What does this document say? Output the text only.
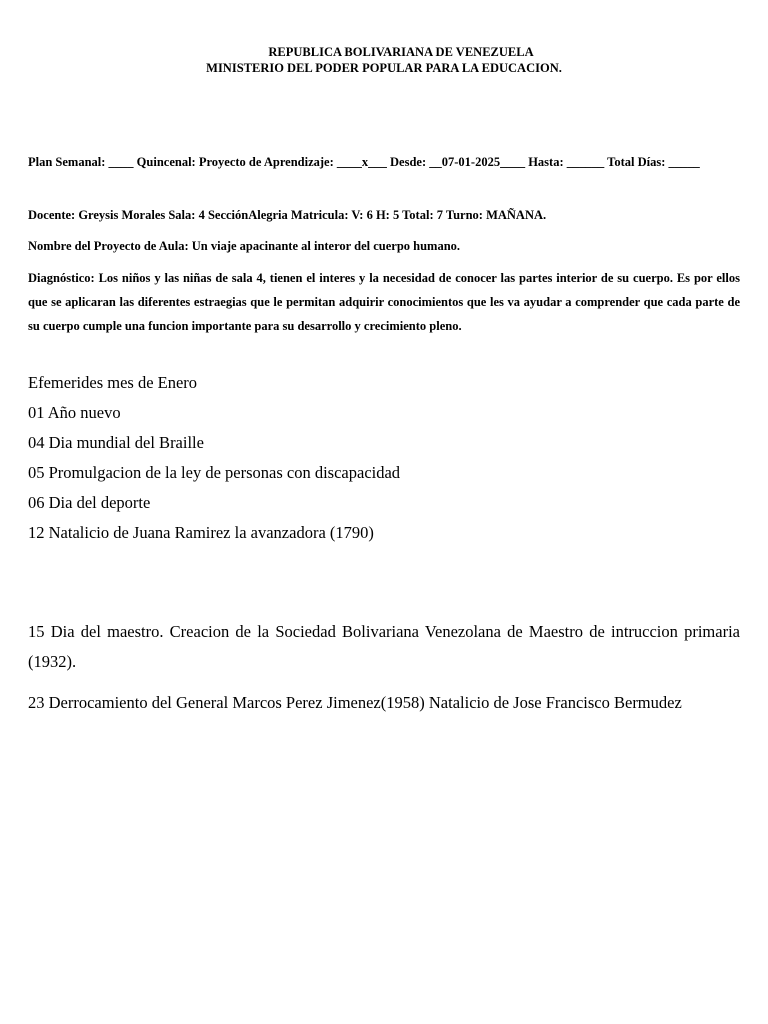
REPUBLICA BOLIVARIANA DE VENEZUELA
MINISTERIO DEL PODER POPULAR PARA LA EDUCACION.
Plan Semanal: ____ Quincenal: Proyecto de Aprendizaje: ____x___ Desde: __07-01-2025____ Hasta: ______ Total Días: _____
Docente: Greysis Morales Sala: 4 SecciónAlegria Matricula: V: 6 H: 5 Total: 7 Turno: MAÑANA.
Nombre del Proyecto de Aula: Un viaje apacinante al interor del cuerpo humano.
Diagnóstico: Los niños y las niñas de sala 4, tienen el interes y la necesidad de conocer las partes interior de su cuerpo. Es por ellos que se aplicaran las diferentes estraegias que le permitan adquirir conocimientos que les va ayudar a comprender que cada parte de su cuerpo cumple una funcion importante para su desarrollo y crecimiento pleno.
Efemerides mes de Enero
01 Año nuevo
04 Dia mundial del Braille
05 Promulgacion de la ley de personas con discapacidad
06 Dia del deporte
12 Natalicio de Juana Ramirez la avanzadora (1790)
15 Dia del maestro. Creacion de la Sociedad Bolivariana Venezolana de Maestro de intruccion primaria (1932).
23 Derrocamiento del General Marcos Perez Jimenez(1958) Natalicio de Jose Francisco Bermudez
